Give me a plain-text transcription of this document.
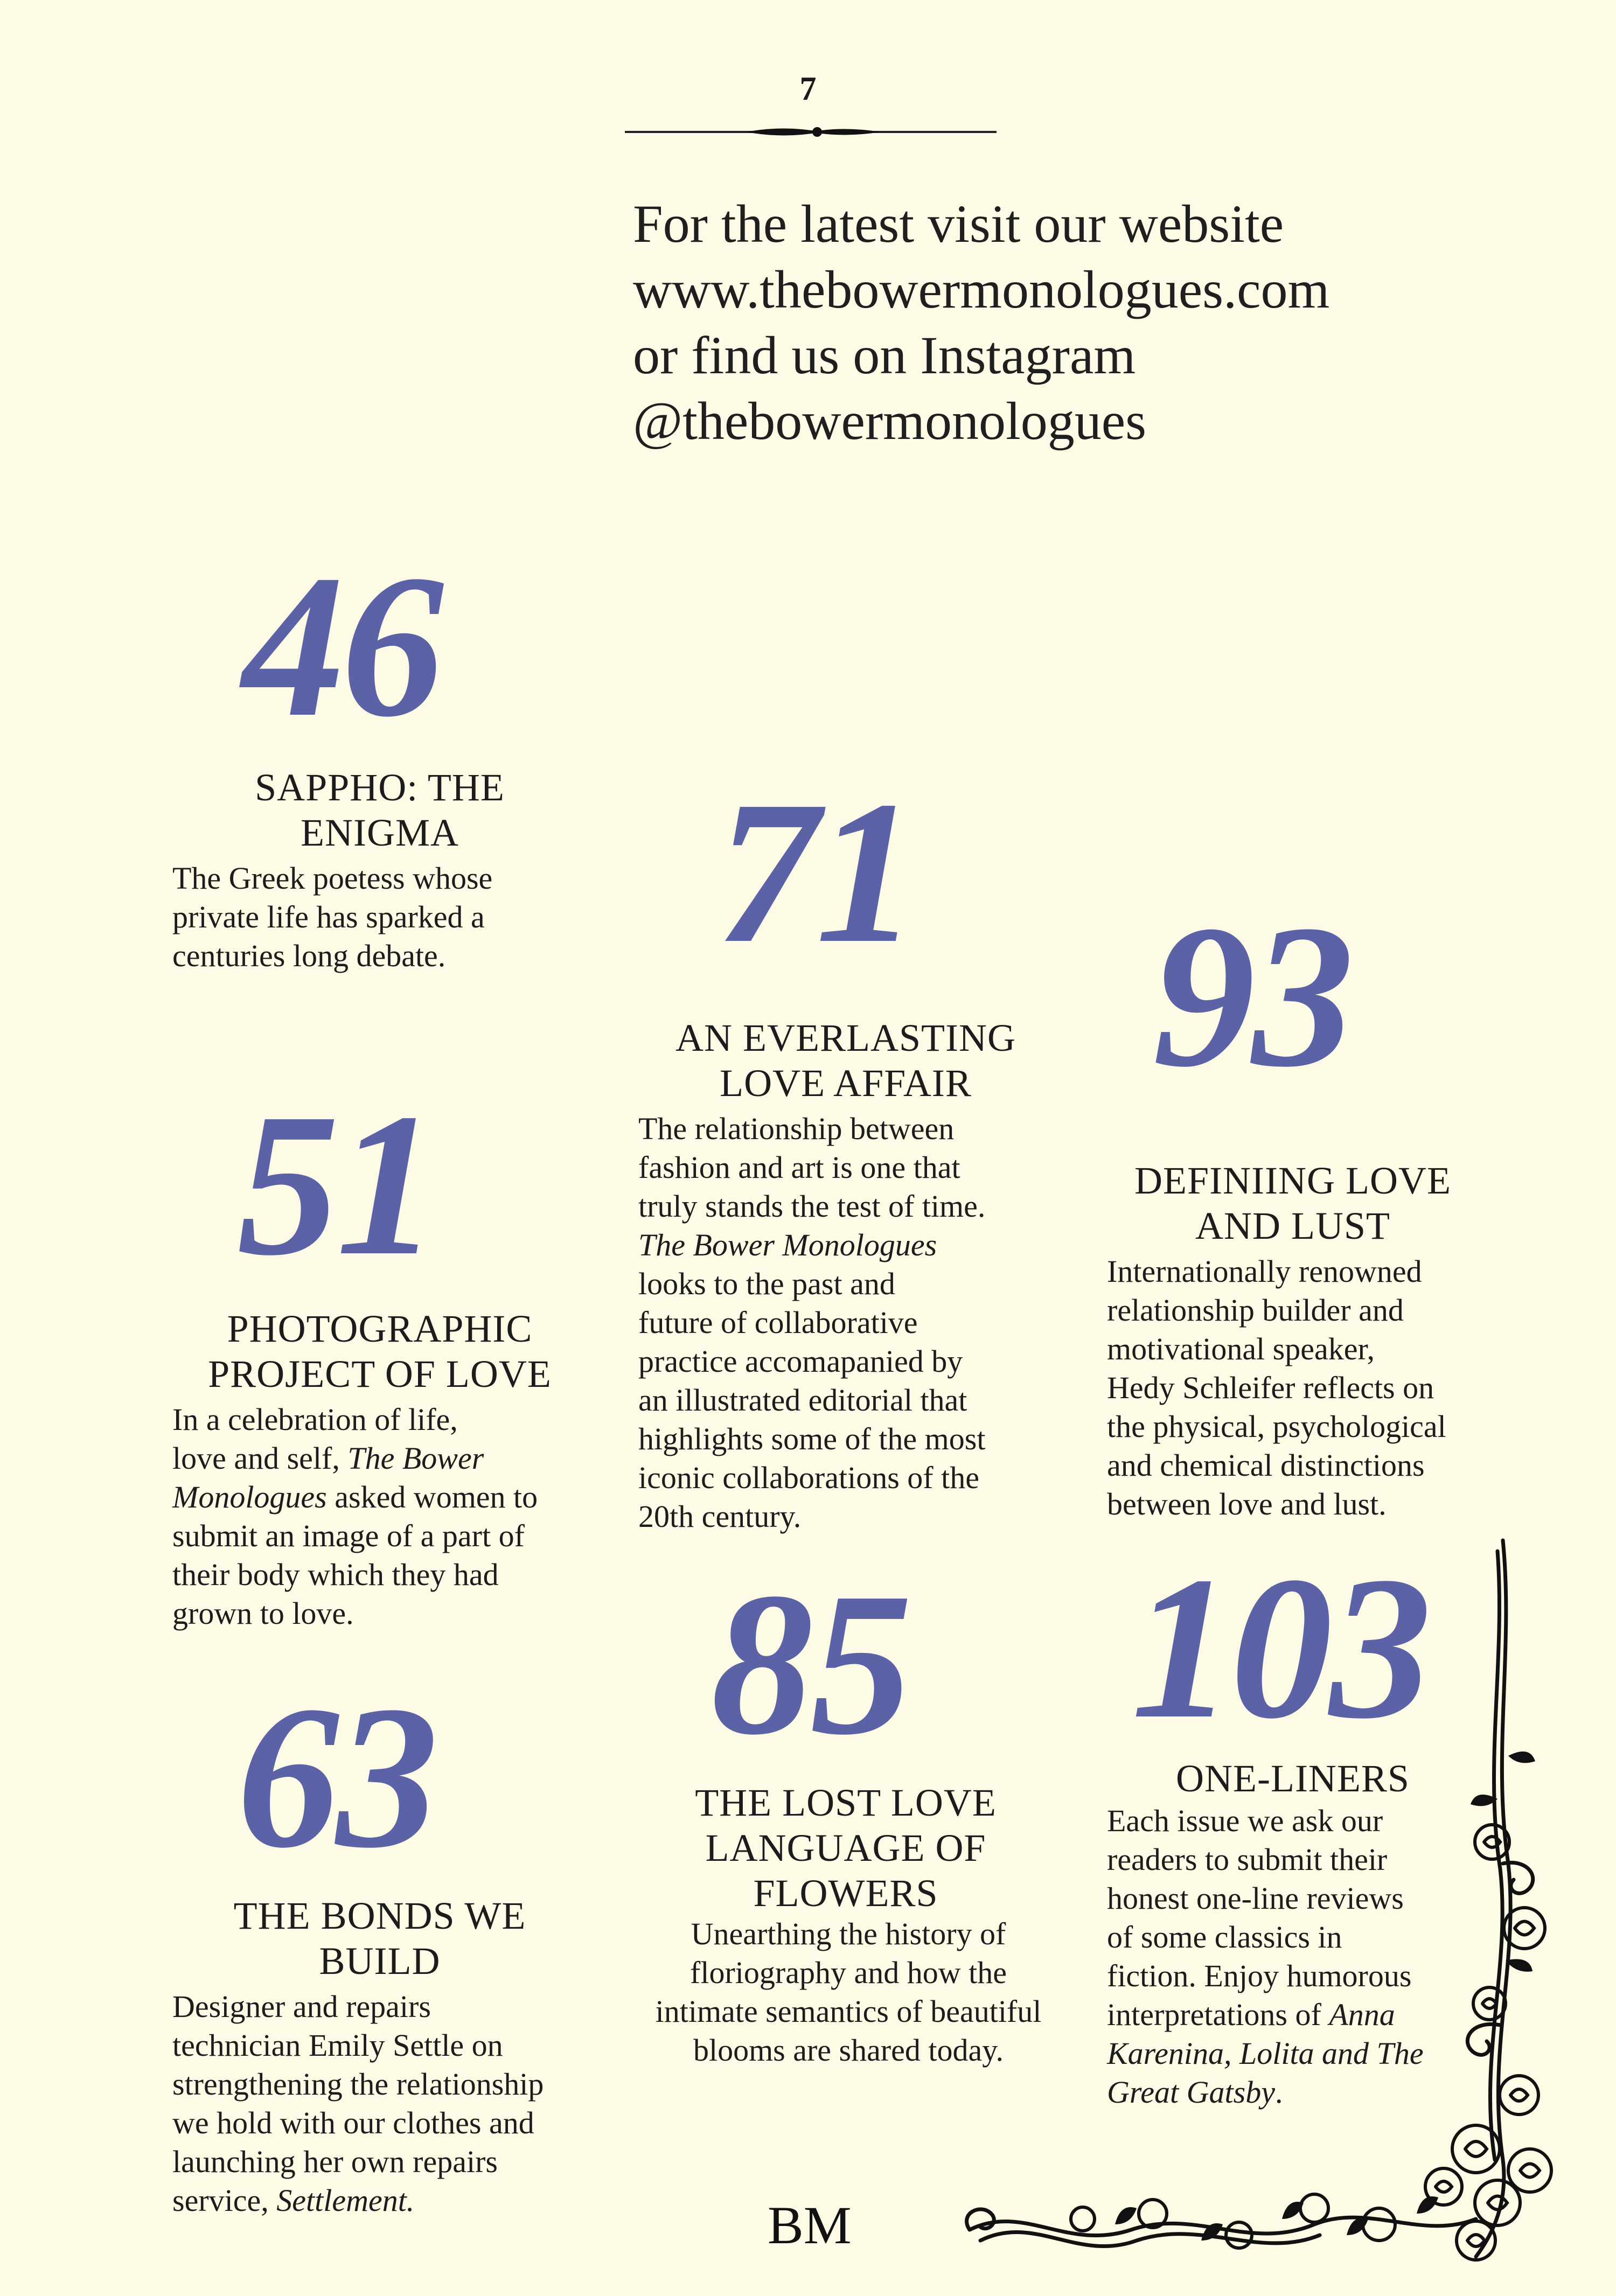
7
For the latest visit our website
www.thebowermonologues.com
or find us on Instagram
@thebowermonologues
46
SAPPHO: THE
ENIGMA
The Greek poetess whose
private life has sparked a
centuries long debate.
51
PHOTOGRAPHIC
PROJECT OF LOVE
In a celebration of life,
love and self, The Bower
Monologues asked women to
submit an image of a part of
their body which they had
grown to love.
63
THE BONDS WE
BUILD
Designer and repairs
technician Emily Settle on
strengthening the relationship
we hold with our clothes and
launching her own repairs
service, Settlement.
71
AN EVERLASTING
LOVE AFFAIR
The relationship between
fashion and art is one that
truly stands the test of time.
The Bower Monologues
looks to the past and
future of collaborative
practice accomapanied by
an illustrated editorial that
highlights some of the most
iconic collaborations of the
20th century.
85
THE LOST LOVE
LANGUAGE OF
FLOWERS
Unearthing the history of
floriography and how the
intimate semantics of beautiful
blooms are shared today.
93
DEFINIING LOVE
AND LUST
Internationally renowned
relationship builder and
motivational speaker,
Hedy Schleifer reflects on
the physical, psychological
and chemical distinctions
between love and lust.
103
ONE-LINERS
Each issue we ask our
readers to submit their
honest one-line reviews
of some classics in
fiction. Enjoy humorous
interpretations of Anna
Karenina, Lolita and The
Great Gatsby.
BM
